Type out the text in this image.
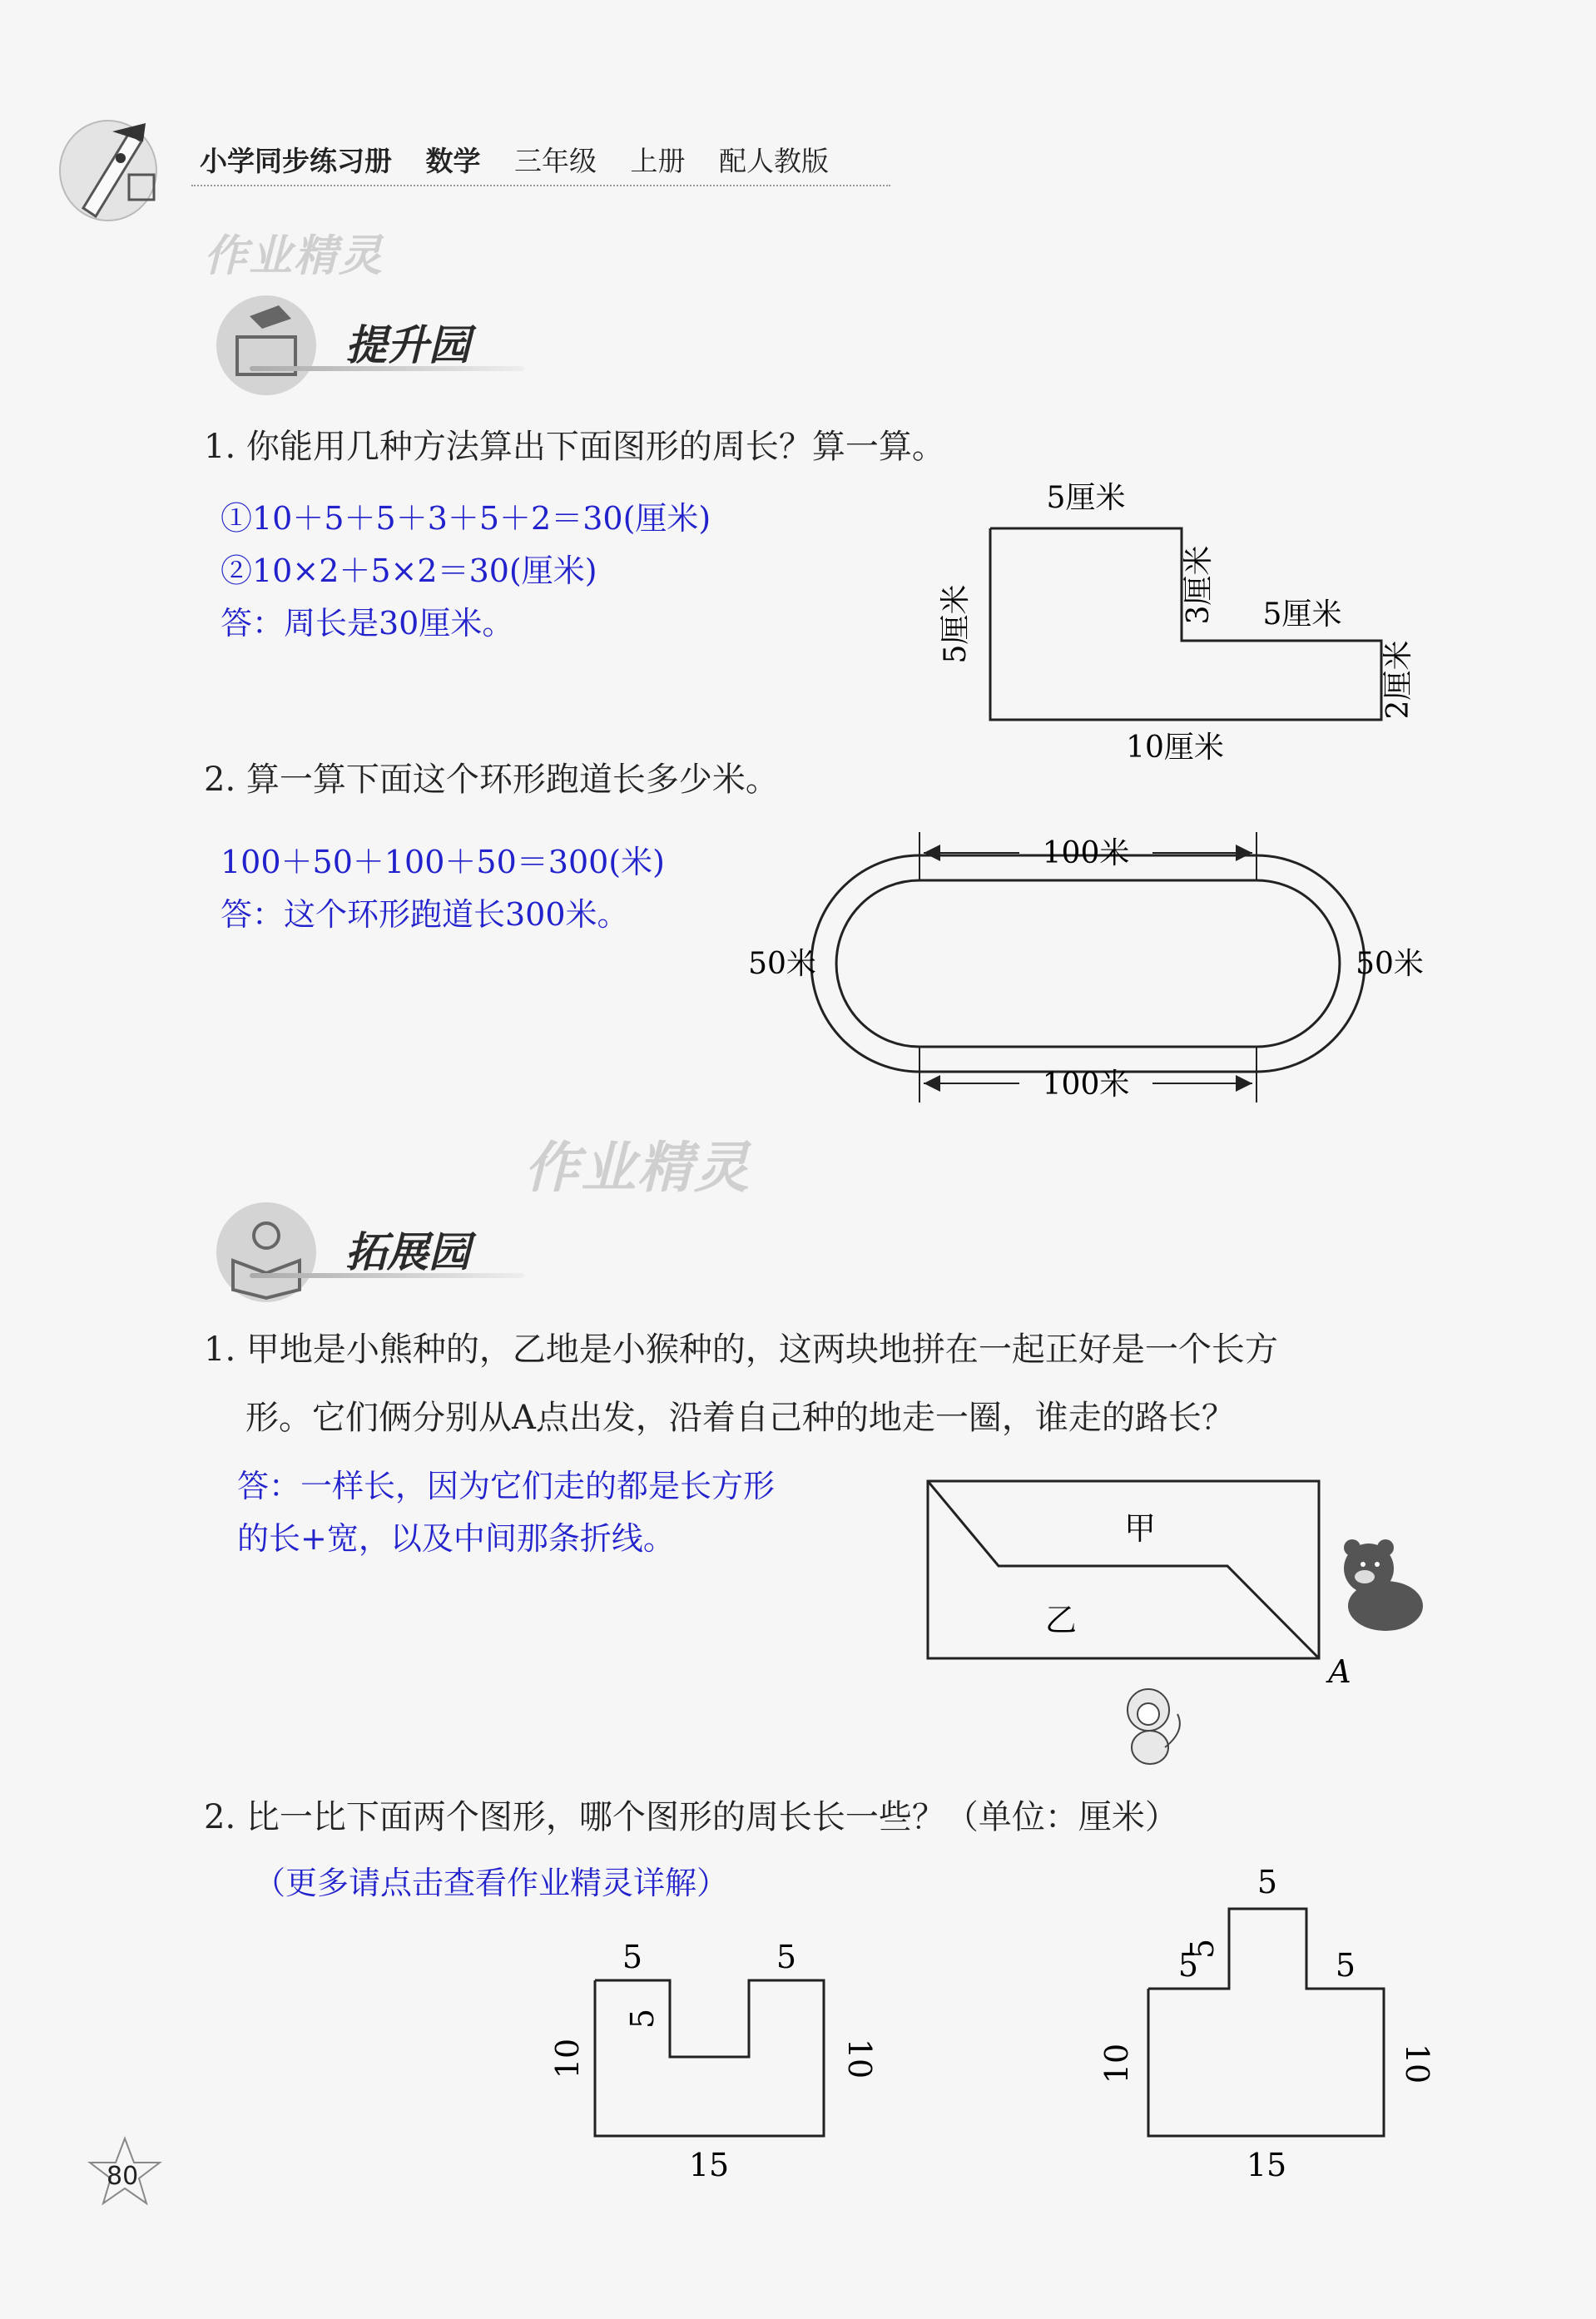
小学同步练习册 数学 三年级 上册 配人教版
作业精灵
作业精灵
提升园
1. 你能用几种方法算出下面图形的周长？算一算。
①10＋5＋5＋3＋5＋2＝30(厘米)
②10×2＋5×2＝30(厘米)
答：周长是30厘米。
5厘米
5厘米	3厘米 5厘米
2厘米
10厘米
2. 算一算下面这个环形跑道长多少米。
100＋50＋100＋50＝300(米)
答：这个环形跑道长300米。
100米
100米
50米	50米
拓展园
1. 甲地是小熊种的，乙地是小猴种的，这两块地拼在一起正好是一个长方
形。它们俩分别从A点出发，沿着自己种的地走一圈，谁走的路长？
答：一样长，因为它们走的都是长方形
的长+宽，以及中间那条折线。	甲
乙
A
2. 比一比下面两个图形，哪个图形的周长长一些？（单位：厘米）
（更多请点击查看作业精灵详解）
5	5
5
10	10
15
5
5
5	5
10	10
15
80
